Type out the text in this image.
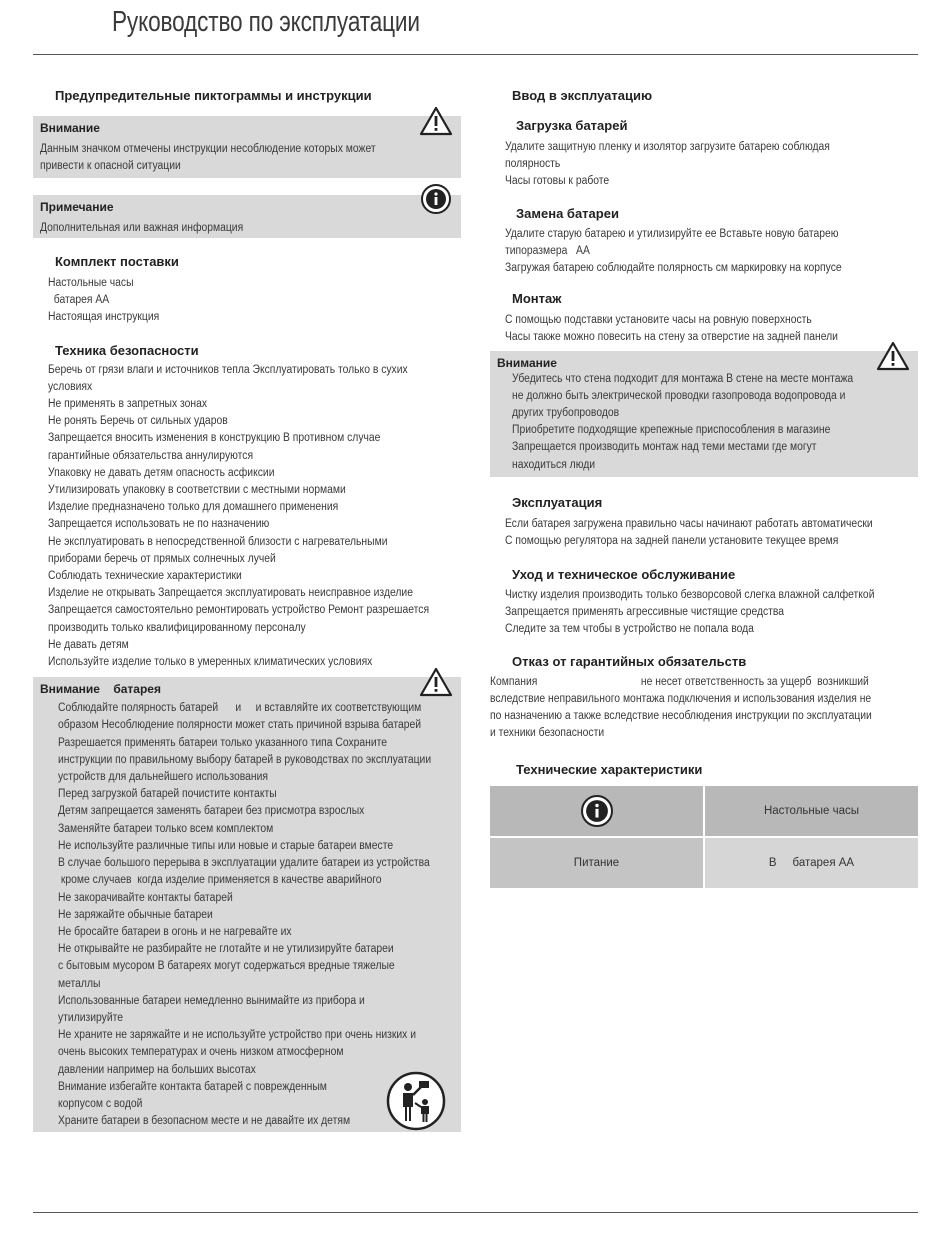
Руководство по эксплуатации
Предупредительные пиктограммы и инструкции
Внимание
Данным значком отмечены инструкции несоблюдение которых может
привести к опасной ситуации
Примечание
Дополнительная или важная информация
Комплект поставки
Настольные часы
батарея AA
Настоящая инструкция
Техника безопасности
Беречь от грязи влаги и источников тепла Эксплуатировать только в сухих
условиях
Не применять в запретных зонах
Не ронять Беречь от сильных ударов
Запрещается вносить изменения в конструкцию В противном случае
гарантийные обязательства аннулируются
Упаковку не давать детям опасность асфиксии
Утилизировать упаковку в соответствии с местными нормами
Изделие предназначено только для домашнего применения
Запрещается использовать не по назначению
Не эксплуатировать в непосредственной близости с нагревательными
приборами беречь от прямых солнечных лучей
Соблюдать технические характеристики
Изделие не открывать Запрещается эксплуатировать неисправное изделие
Запрещается самостоятельно ремонтировать устройство Ремонт разрешается
производить только квалифицированному персоналу
Не давать детям
Используйте изделие только в умеренных климатических условиях
Внимание    батарея
Соблюдайте полярность батарей      и     и вставляйте их соответствующим
образом Несоблюдение полярности может стать причиной взрыва батарей
Разрешается применять батареи только указанного типа Сохраните
инструкции по правильному выбору батарей в руководствах по эксплуатации
устройств для дальнейшего использования
Перед загрузкой батарей почистите контакты
Детям запрещается заменять батареи без присмотра взрослых
Заменяйте батареи только всем комплектом
Не используйте различные типы или новые и старые батареи вместе
В случае большого перерыва в эксплуатации удалите батареи из устройства
кроме случаев  когда изделие применяется в качестве аварийного
Не закорачивайте контакты батарей
Не заряжайте обычные батареи
Не бросайте батареи в огонь и не нагревайте их
Не открывайте не разбирайте не глотайте и не утилизируйте батареи
с бытовым мусором В батареях могут содержаться вредные тяжелые
металлы
Использованные батареи немедленно вынимайте из прибора и
утилизируйте
Не храните не заряжайте и не используйте устройство при очень низких и
очень высоких температурах и очень низком атмосферном
давлении например на больших высотах
Внимание избегайте контакта батарей с поврежденным
корпусом с водой
Храните батареи в безопасном месте и не давайте их детям
Ввод в эксплуатацию
Загрузка батарей
Удалите защитную пленку и изолятор загрузите батарею соблюдая
полярность
Часы готовы к работе
Замена батареи
Удалите старую батарею и утилизируйте ее Вставьте новую батарею
типоразмера   AA
Загружая батарею соблюдайте полярность см маркировку на корпусе
Монтаж
С помощью подставки установите часы на ровную поверхность
Часы также можно повесить на стену за отверстие на задней панели
Внимание
Убедитесь что стена подходит для монтажа В стене на месте монтажа
не должно быть электрической проводки газопровода водопровода и
других трубопроводов
Приобретите подходящие крепежные приспособления в магазине
Запрещается производить монтаж над теми местами где могут
находиться люди
Эксплуатация
Если батарея загружена правильно часы начинают работать автоматически
С помощью регулятора на задней панели установите текущее время
Уход и техническое обслуживание
Чистку изделия производить только безворсовой слегка влажной салфеткой
Запрещается применять агрессивные чистящие средства
Следите за тем чтобы в устройство не попала вода
Отказ от гарантийных обязательств
Компания                                    не несет ответственность за ущерб  возникший
вследствие неправильного монтажа подключения и использования изделия не
по назначению а также вследствие несоблюдения инструкции по эксплуатации
и техники безопасности
Технические характеристики
	Настольные часы
Питание	В     батарея AA
